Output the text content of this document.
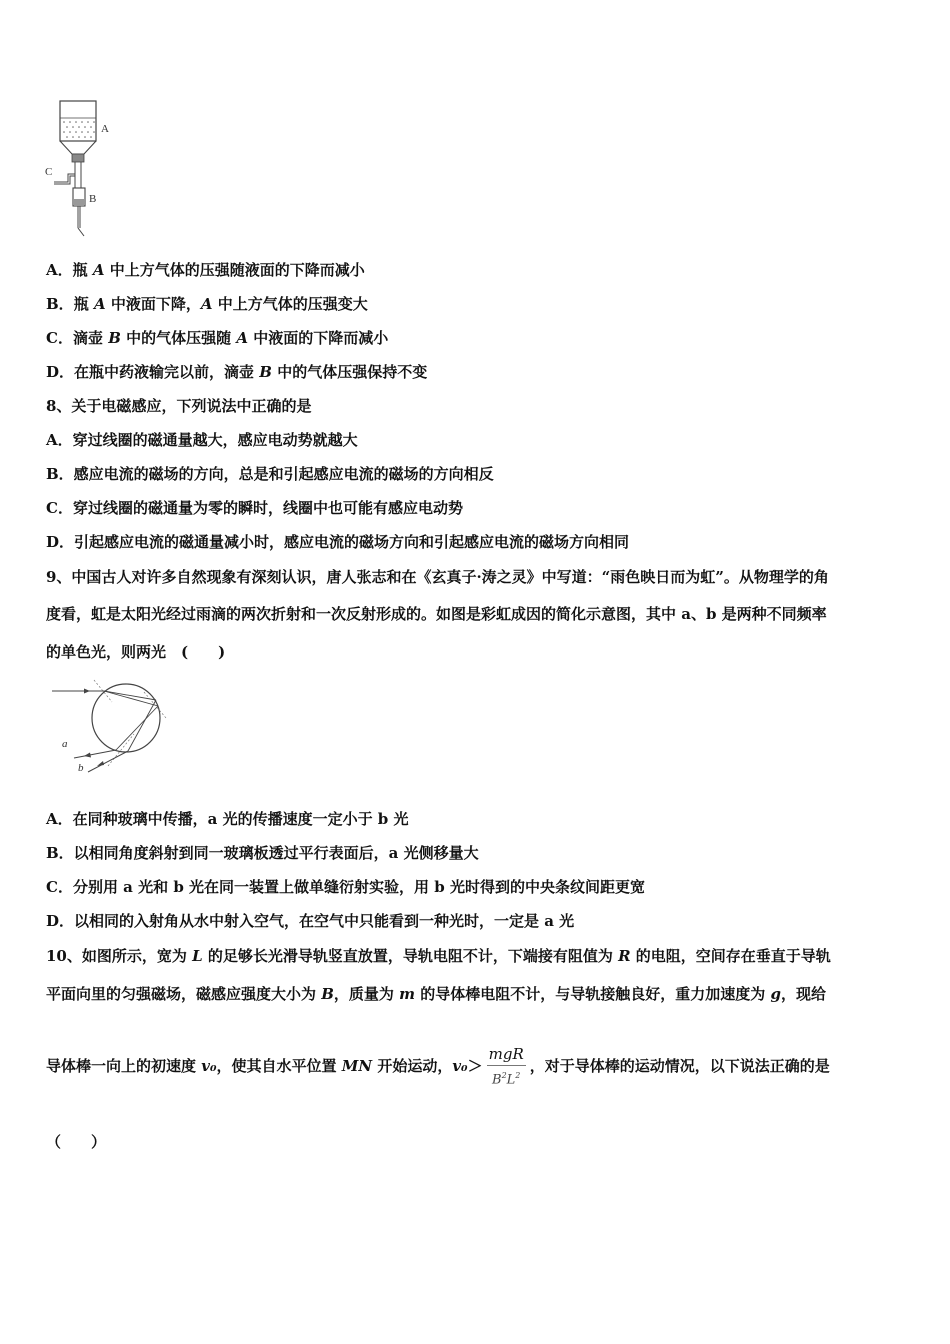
A
C
B
A．瓶 A 中上方气体的压强随液面的下降而减小
B．瓶 A 中液面下降，A 中上方气体的压强变大
C．滴壶 B 中的气体压强随 A 中液面的下降而减小
D．在瓶中药液输完以前，滴壶 B 中的气体压强保持不变
8、关于电磁感应，下列说法中正确的是
A．穿过线圈的磁通量越大，感应电动势就越大
B．感应电流的磁场的方向，总是和引起感应电流的磁场的方向相反
C．穿过线圈的磁通量为零的瞬时，线圈中也可能有感应电动势
D．引起感应电流的磁通量减小时，感应电流的磁场方向和引起感应电流的磁场方向相同
9、中国古人对许多自然现象有深刻认识，唐人张志和在《玄真子·涛之灵》中写道：“雨色映日而为虹”。从物理学的角
度看，虹是太阳光经过雨滴的两次折射和一次反射形成的。如图是彩虹成因的简化示意图，其中 a、b 是两种不同频率
的单色光，则两光　(　　)
a
b
A．在同种玻璃中传播，a 光的传播速度一定小于 b 光
B．以相同角度斜射到同一玻璃板透过平行表面后，a 光侧移量大
C．分别用 a 光和 b 光在同一装置上做单缝衍射实验，用 b 光时得到的中央条纹间距更宽
D．以相同的入射角从水中射入空气，在空气中只能看到一种光时，一定是 a 光
10、如图所示，宽为 L 的足够长光滑导轨竖直放置，导轨电阻不计，下端接有阻值为 R 的电阻，空间存在垂直于导轨
平面向里的匀强磁场，磁感应强度大小为 B，质量为 m 的导体棒电阻不计，与导轨接触良好，重力加速度为 g，现给
导体棒一向上的初速度 v₀，使其自水平位置 MN 开始运动，$v_0> \frac{\text{mgR}}{B^2L^2}$ ，对于导体棒的运动情况，以下说法正确的是
（　　）
